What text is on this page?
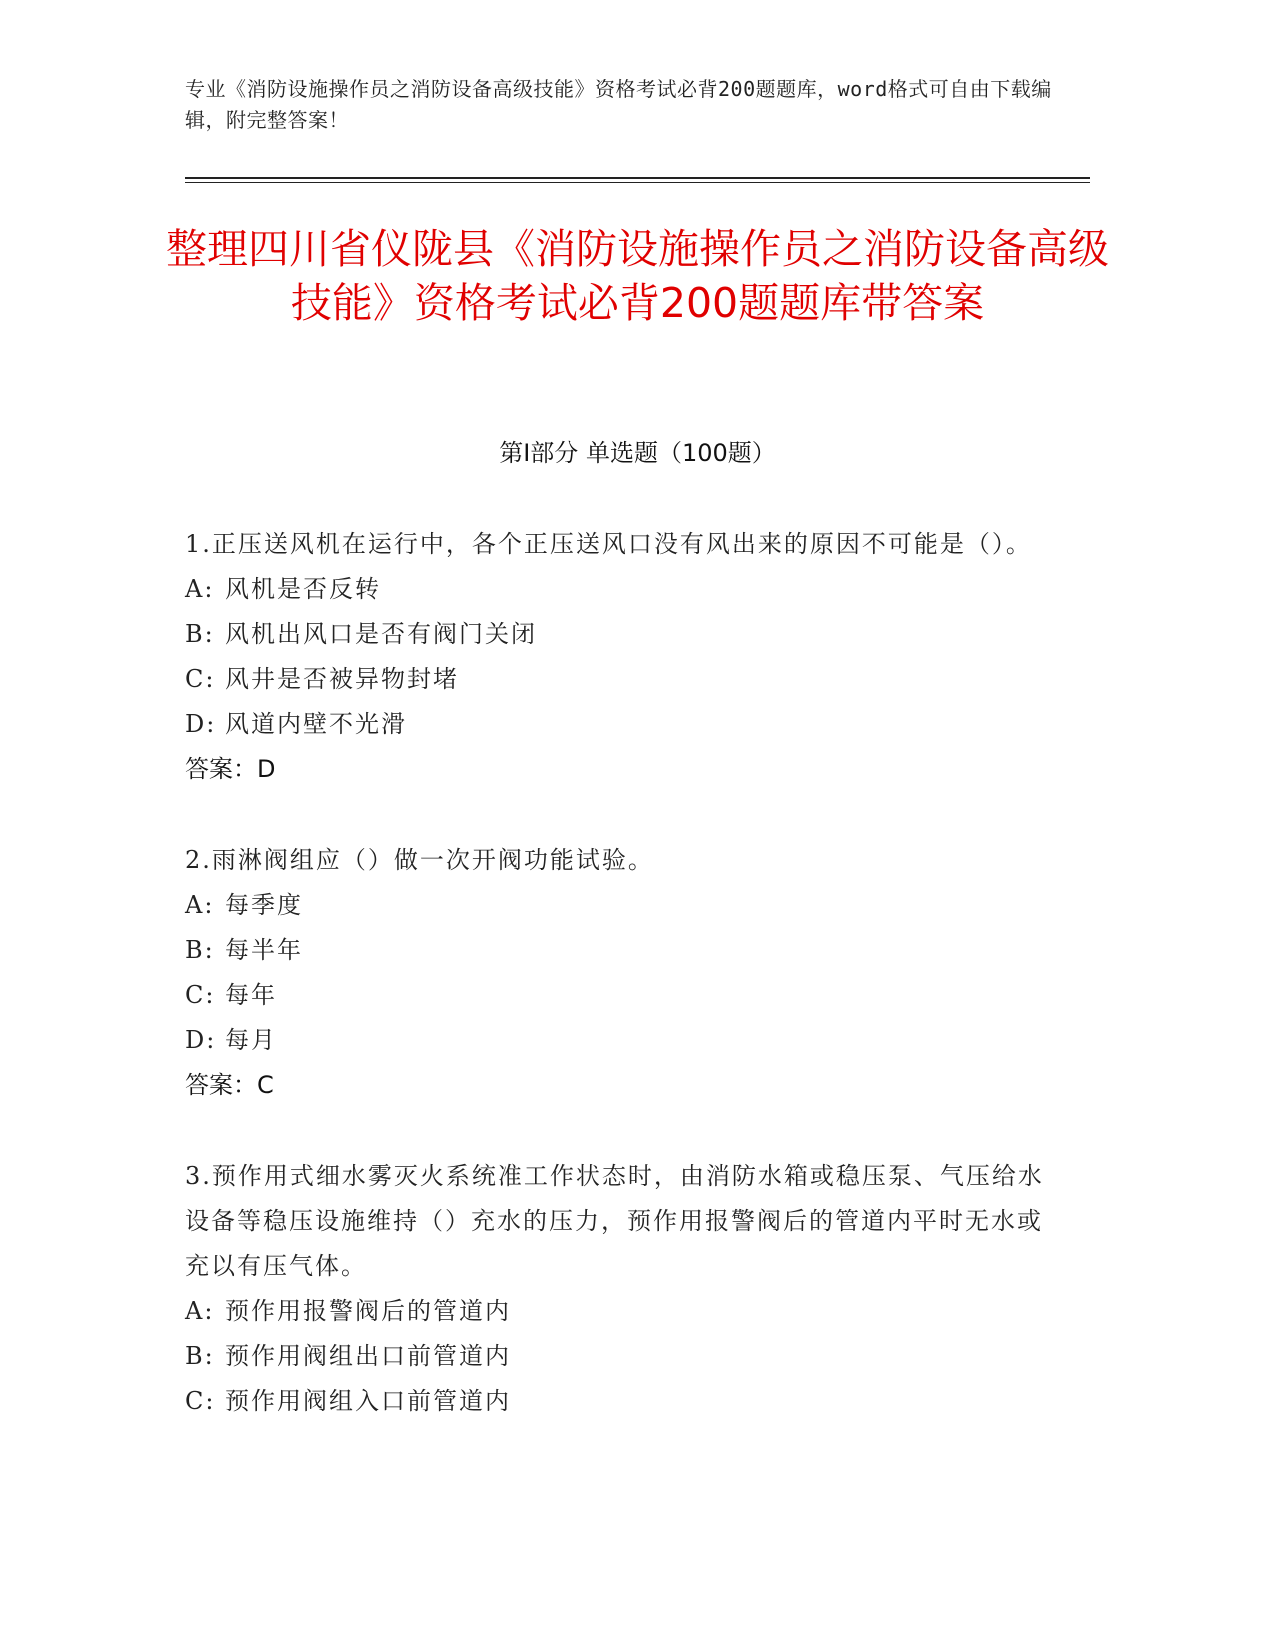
专业《消防设施操作员之消防设备高级技能》资格考试必背200题题库，word格式可自由下载编辑，附完整答案！
整理四川省仪陇县《消防设施操作员之消防设备高级技能》资格考试必背200题题库带答案
第Ⅰ部分 单选题（100题）
1.正压送风机在运行中，各个正压送风口没有风出来的原因不可能是（）。
A: 风机是否反转
B: 风机出风口是否有阀门关闭
C: 风井是否被异物封堵
D: 风道内壁不光滑
答案：D
2.雨淋阀组应（）做一次开阀功能试验。
A: 每季度
B: 每半年
C: 每年
D: 每月
答案：C
3.预作用式细水雾灭火系统准工作状态时，由消防水箱或稳压泵、气压给水设备等稳压设施维持（）充水的压力，预作用报警阀后的管道内平时无水或充以有压气体。
A: 预作用报警阀后的管道内
B: 预作用阀组出口前管道内
C: 预作用阀组入口前管道内
